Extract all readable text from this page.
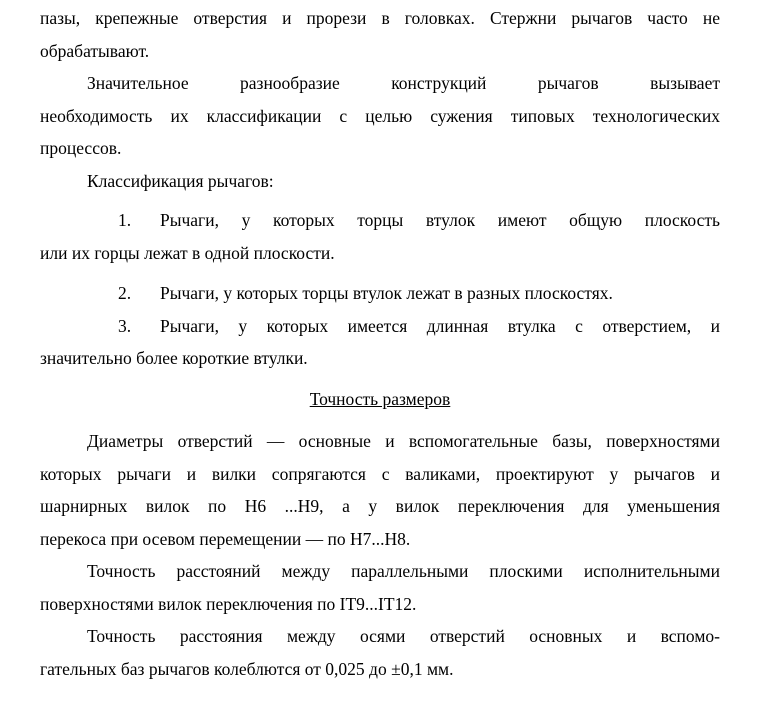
пазы, крепежные отверстия и прорези в головках. Стержни рычагов часто не
обрабатывают.
Значительное разнообразие конструкций рычагов вызывает
необходимость их классификации с целью сужения типовых технологических
процессов.
Классификация рычагов:
1. Рычаги, у которых торцы втулок имеют общую плоскость
или их горцы лежат в одной плоскости.
2. Рычаги, у которых торцы втулок лежат в разных плоскостях.
3. Рычаги, у которых имеется длинная втулка с отверстием, и
значительно более короткие втулки.
Точность размеров
Диаметры отверстий — основные и вспомогательные базы, поверхностями
которых рычаги и вилки сопрягаются с валиками, проектируют у рычагов и
шарнирных вилок по Н6 ...Н9, а у вилок переключения для уменьшения
перекоса при осевом перемещении — по Н7...Н8.
Точность расстояний между параллельными плоскими исполнительными
поверхностями вилок переключения по IT9...IT12.
Точность расстояния между осями отверстий основных и вспомо-
гательных баз рычагов колеблются от 0,025 до ±0,1 мм.
